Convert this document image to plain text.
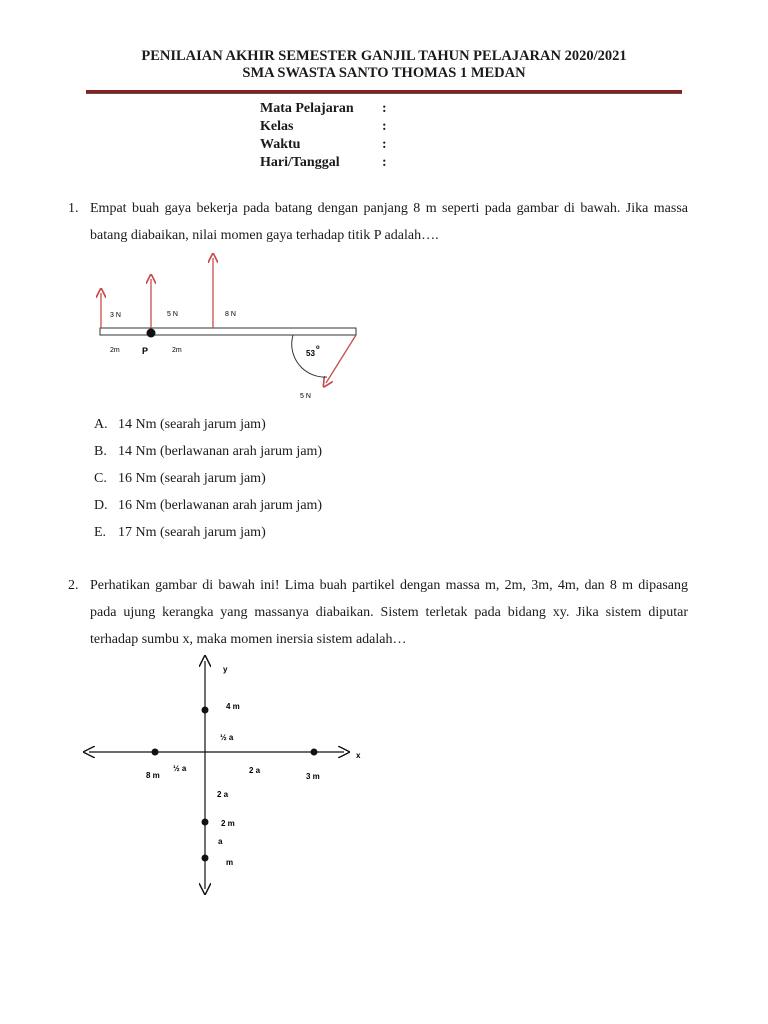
PENILAIAN AKHIR SEMESTER GANJIL TAHUN PELAJARAN 2020/2021
SMA SWASTA SANTO THOMAS 1 MEDAN
Mata Pelajaran	:
Kelas	:
Waktu	:
Hari/Tanggal	:
1. Empat buah gaya bekerja pada batang dengan panjang 8 m seperti pada gambar di bawah. Jika massa batang diabaikan, nilai momen gaya terhadap titik P adalah….
3 N	5 N	8 N
5 N
2m P	2m	53
o
A. 14 Nm (searah jarum jam)
B. 14 Nm (berlawanan arah jarum jam)
C. 16 Nm (searah jarum jam)
D. 16 Nm (berlawanan arah jarum jam)
E. 17 Nm (searah jarum jam)
2. Perhatikan gambar di bawah ini! Lima buah partikel dengan massa m, 2m, 3m, 4m, dan 8 m dipasang pada ujung kerangka yang massanya diabaikan. Sistem terletak pada bidang xy. Jika sistem diputar terhadap sumbu x, maka momen inersia sistem adalah…
y
x
4 m
½ a
8 m
½ a	2 a
3 m
2 a
2 m
a
m
